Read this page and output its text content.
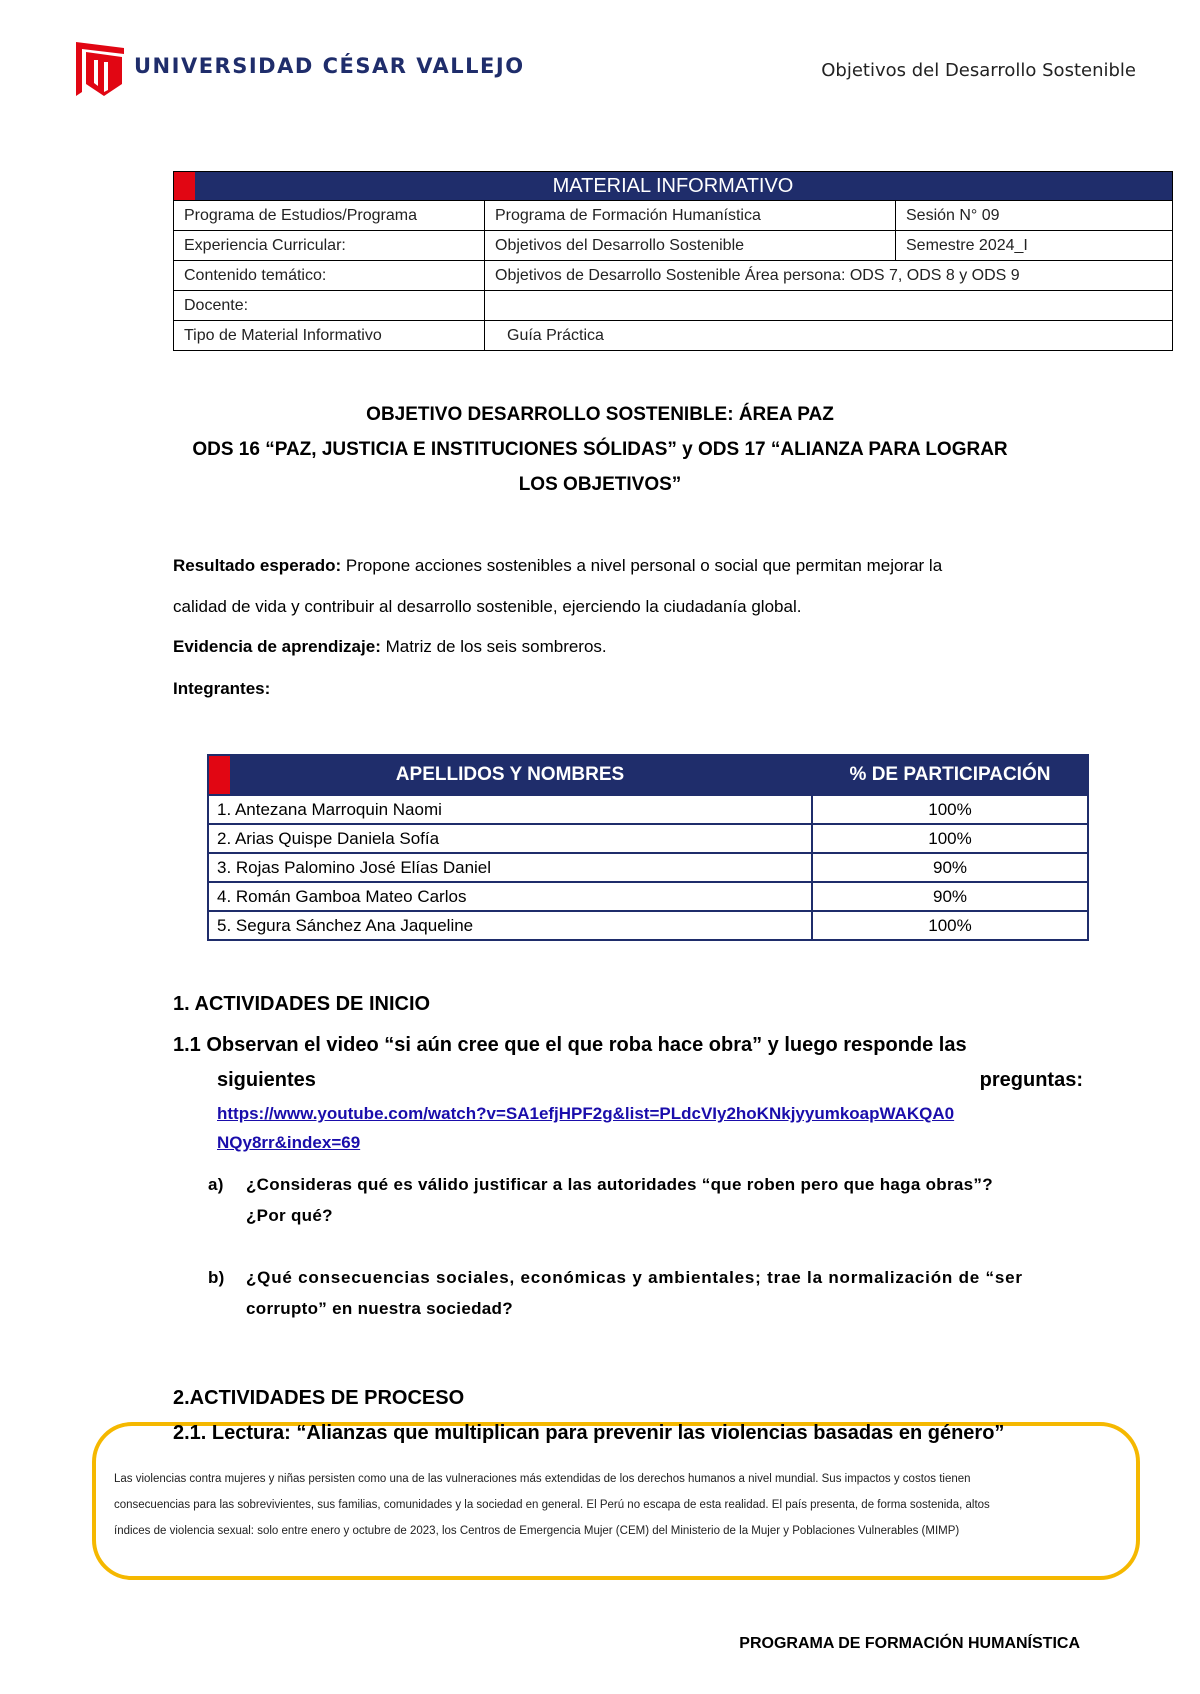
UNIVERSIDAD CÉSAR VALLEJO	Objetivos del Desarrollo Sostenible
MATERIAL INFORMATIVO		
Programa de Estudios/Programa	Programa de Formación Humanística	Sesión N° 09
Experiencia Curricular:	Objetivos del Desarrollo Sostenible	Semestre 2024_I
Contenido temático:	Objetivos de Desarrollo Sostenible Área persona: ODS 7, ODS 8 y ODS 9	
Docente:		
Tipo de Material Informativo	Guía Práctica	
OBJETIVO DESARROLLO SOSTENIBLE: ÁREA PAZ
ODS 16 “PAZ, JUSTICIA E INSTITUCIONES SÓLIDAS” y ODS 17 “ALIANZA PARA LOGRAR
LOS OBJETIVOS”
Resultado esperado: Propone acciones sostenibles a nivel personal o social que permitan mejorar la
calidad de vida y contribuir al desarrollo sostenible, ejerciendo la ciudadanía global.
Evidencia de aprendizaje: Matriz de los seis sombreros.
Integrantes:
APELLIDOS Y NOMBRES	% DE PARTICIPACIÓN
1. Antezana Marroquin Naomi	100%
2. Arias Quispe Daniela Sofía	100%
3. Rojas Palomino José Elías Daniel	90%
4. Román Gamboa Mateo Carlos	90%
5. Segura Sánchez Ana Jaqueline	100%
1. ACTIVIDADES DE INICIO
1.1 Observan el video “si aún cree que el que roba hace obra” y luego responde las
siguientes	preguntas:
https://www.youtube.com/watch?v=SA1efjHPF2g&list=PLdcVIy2hoKNkjyyumkoapWAKQA0
NQy8rr&index=69
a) ¿Consideras qué es válido justificar a las autoridades “que roben pero que haga obras”?
¿Por qué?
b) ¿Qué consecuencias sociales, económicas y ambientales; trae la normalización de “ser
corrupto” en nuestra sociedad?
2.ACTIVIDADES DE PROCESO
2.1. Lectura: “Alianzas que multiplican para prevenir las violencias basadas en género”
Las violencias contra mujeres y niñas persisten como una de las vulneraciones más extendidas de los derechos humanos a nivel mundial. Sus impactos y costos tienen
consecuencias para las sobrevivientes, sus familias, comunidades y la sociedad en general. El Perú no escapa de esta realidad. El país presenta, de forma sostenida, altos
índices de violencia sexual: solo entre enero y octubre de 2023, los Centros de Emergencia Mujer (CEM) del Ministerio de la Mujer y Poblaciones Vulnerables (MIMP)
PROGRAMA DE FORMACIÓN HUMANÍSTICA
